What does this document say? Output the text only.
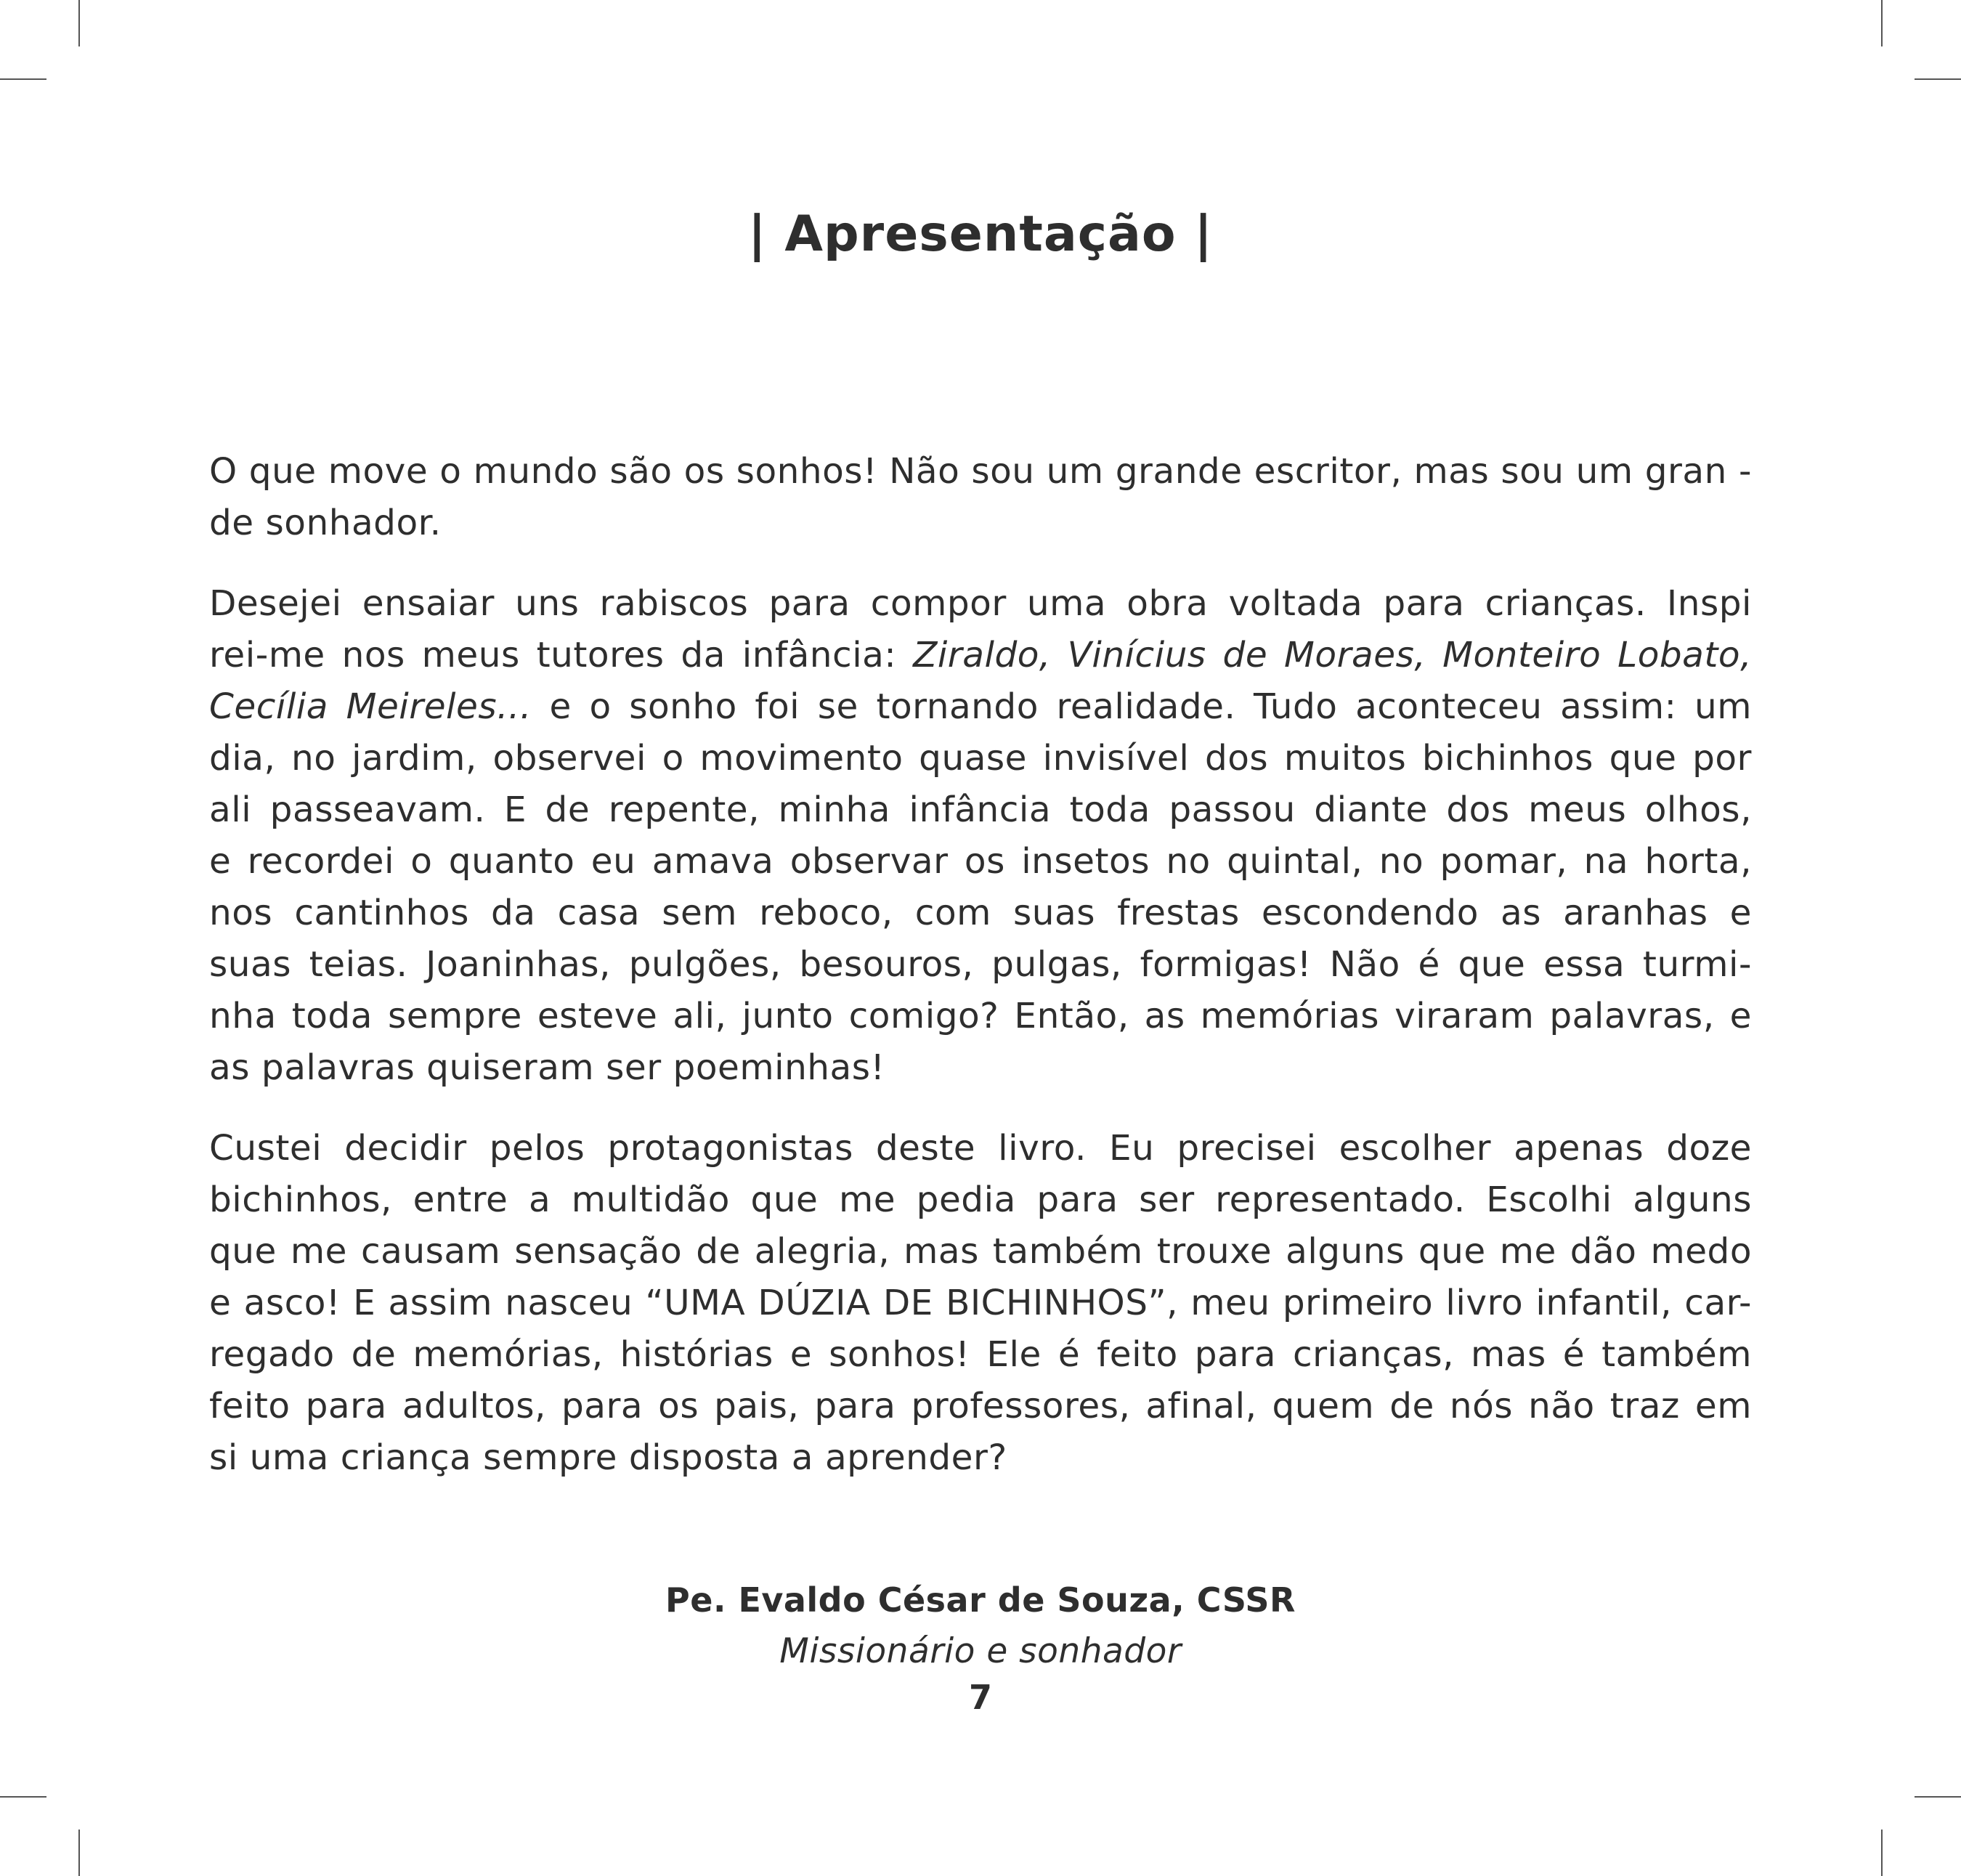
| Apresentação |

O que move o mundo são os sonhos! Não sou um grande escritor, mas sou um gran -
de sonhador.

Desejei ensaiar uns rabiscos para compor uma obra voltada para crianças. Inspi
rei-me nos meus tutores da infância: Ziraldo, Vinícius de Moraes, Monteiro Lobato,
Cecília Meireles... e o sonho foi se tornando realidade. Tudo aconteceu assim: um
dia, no jardim, observei o movimento quase invisível dos muitos bichinhos que por
ali passeavam. E de repente, minha infância toda passou diante dos meus olhos,
e recordei o quanto eu amava observar os insetos no quintal, no pomar, na horta,
nos cantinhos da casa sem reboco, com suas frestas escondendo as aranhas e
suas teias. Joaninhas, pulgões, besouros, pulgas, formigas! Não é que essa turmi-
nha toda sempre esteve ali, junto comigo? Então, as memórias viraram palavras, e
as palavras quiseram ser poeminhas!

Custei decidir pelos protagonistas deste livro. Eu precisei escolher apenas doze
bichinhos, entre a multidão que me pedia para ser representado. Escolhi alguns
que me causam sensação de alegria, mas também trouxe alguns que me dão medo
e asco! E assim nasceu “UMA DÚZIA DE BICHINHOS”, meu primeiro livro infantil, car-
regado de memórias, histórias e sonhos! Ele é feito para crianças, mas é também
feito para adultos, para os pais, para professores, afinal, quem de nós não traz em
si uma criança sempre disposta a aprender?

Pe. Evaldo César de Souza, CSSR
Missionário e sonhador
7
